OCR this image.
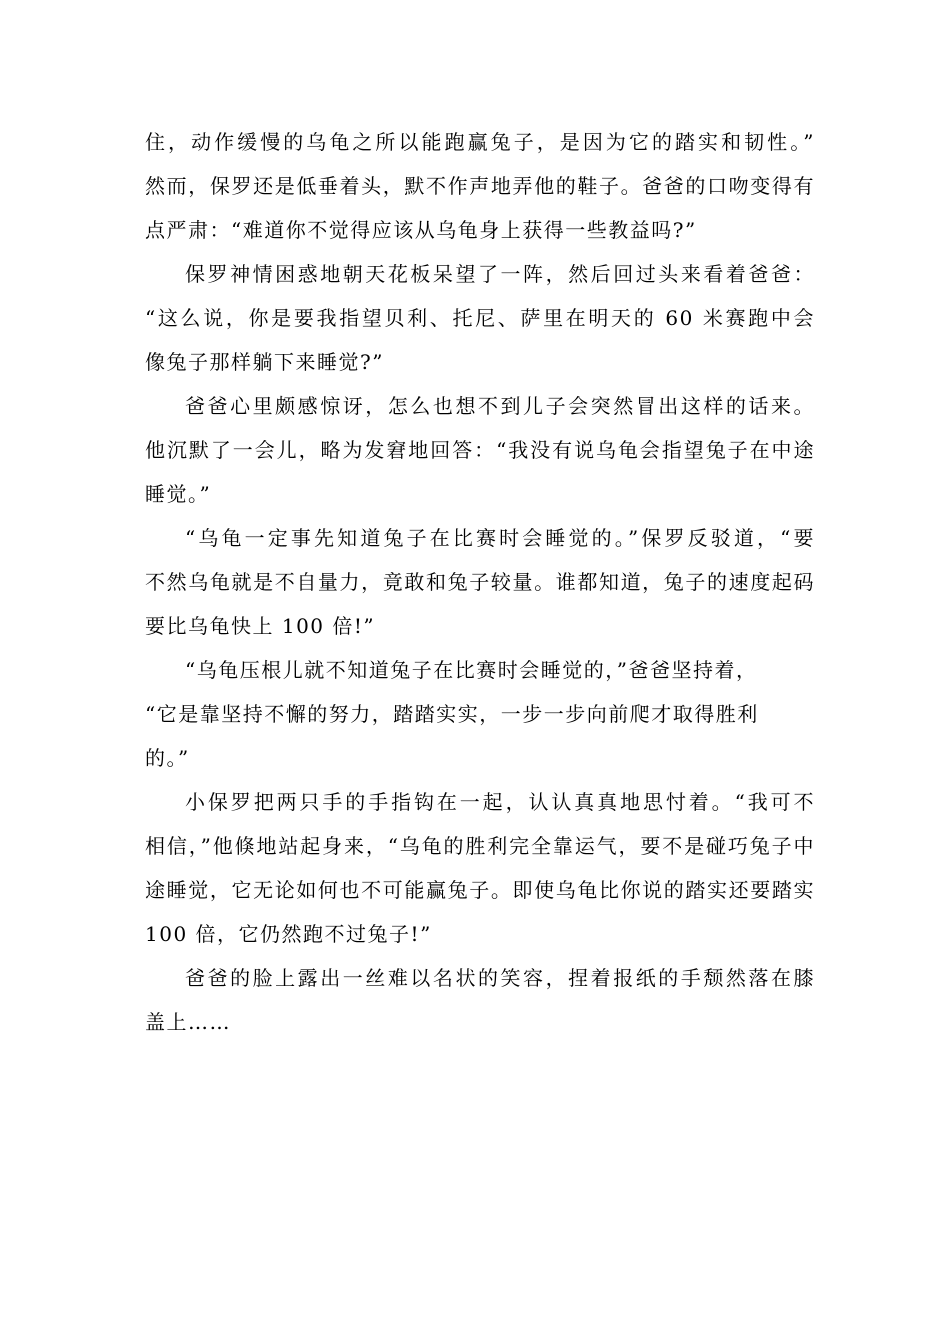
住，动作缓慢的乌龟之所以能跑赢兔子，是因为它的踏实和韧性。”
然而，保罗还是低垂着头，默不作声地弄他的鞋子。爸爸的口吻变得有
点严肃：“难道你不觉得应该从乌龟身上获得一些教益吗?”
保罗神情困惑地朝天花板呆望了一阵，然后回过头来看着爸爸：
“这么说，你是要我指望贝利、托尼、萨里在明天的 60 米赛跑中会
像兔子那样躺下来睡觉?”
爸爸心里颇感惊讶，怎么也想不到儿子会突然冒出这样的话来。
他沉默了一会儿，略为发窘地回答：“我没有说乌龟会指望兔子在中途
睡觉。”
“乌龟一定事先知道兔子在比赛时会睡觉的。”保罗反驳道，“要
不然乌龟就是不自量力，竟敢和兔子较量。谁都知道，兔子的速度起码
要比乌龟快上 100 倍!”
“乌龟压根儿就不知道兔子在比赛时会睡觉的，”爸爸坚持着，
“它是靠坚持不懈的努力，踏踏实实，一步一步向前爬才取得胜利
的。”
小保罗把两只手的手指钩在一起，认认真真地思忖着。“我可不
相信，”他倏地站起身来，“乌龟的胜利完全靠运气，要不是碰巧兔子中
途睡觉，它无论如何也不可能赢兔子。即使乌龟比你说的踏实还要踏实
100 倍，它仍然跑不过兔子!”
爸爸的脸上露出一丝难以名状的笑容，捏着报纸的手颓然落在膝
盖上……
